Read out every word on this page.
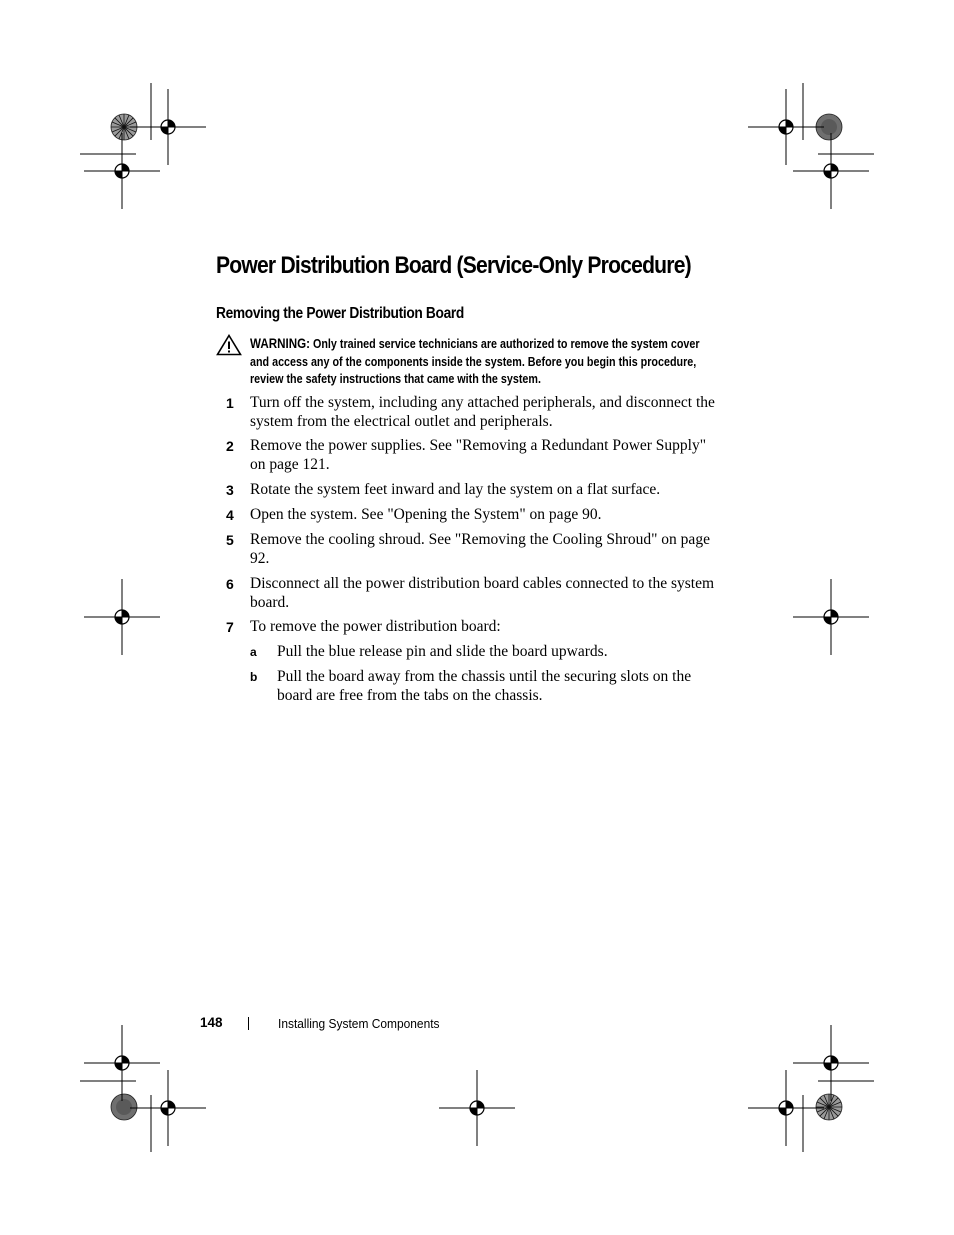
Power Distribution Board (Service-Only Procedure)
Removing the Power Distribution Board
WARNING: Only trained service technicians are authorized to remove the system cover and access any of the components inside the system. Before you begin this procedure, review the safety instructions that came with the system.
1 Turn off the system, including any attached peripherals, and disconnect the system from the electrical outlet and peripherals.
2 Remove the power supplies. See "Removing a Redundant Power Supply" on page 121.
3 Rotate the system feet inward and lay the system on a flat surface.
4 Open the system. See "Opening the System" on page 90.
5 Remove the cooling shroud. See "Removing the Cooling Shroud" on page 92.
6 Disconnect all the power distribution board cables connected to the system board.
7 To remove the power distribution board:
a Pull the blue release pin and slide the board upwards.
b Pull the board away from the chassis until the securing slots on the board are free from the tabs on the chassis.
148	Installing System Components
